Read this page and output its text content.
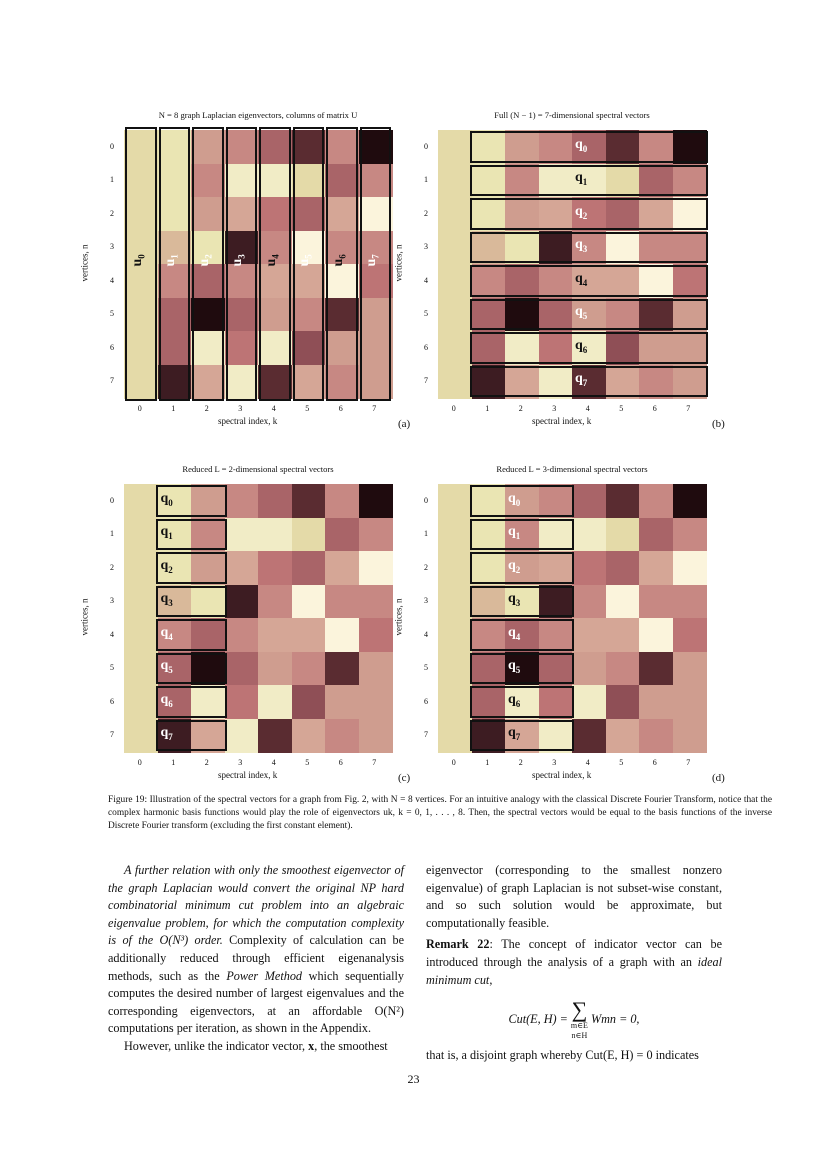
N = 8 graph Laplacian eigenvectors, columns of matrix U
$u_0$
$u_1$
$u_2$
$u_3$
$u_4$
$u_5$
$u_6$
$u_7$
0
0
1
1
2
2
3
3
4
4
5
5
6
6
7
7
spectral index, k
vertices, n
(a)
Full (N − 1) = 7-dimensional spectral vectors
$q_0$
$q_1$
$q_2$
$q_3$
$q_4$
$q_5$
$q_6$
$q_7$
0
0
1
1
2
2
3
3
4
4
5
5
6
6
7
7
spectral index, k
vertices, n
(b)
Reduced L = 2-dimensional spectral vectors
$q_0$
$q_1$
$q_2$
$q_3$
$q_4$
$q_5$
$q_6$
$q_7$
0
0
1
1
2
2
3
3
4
4
5
5
6
6
7
7
spectral index, k
vertices, n
(c)
Reduced L = 3-dimensional spectral vectors
$q_0$
$q_1$
$q_2$
$q_3$
$q_4$
$q_5$
$q_6$
$q_7$
0
0
1
1
2
2
3
3
4
4
5
5
6
6
7
7
spectral index, k
vertices, n
(d)
Figure 19: Illustration of the spectral vectors for a graph from Fig. 2, with N = 8 vertices. For an intuitive analogy with the classical Discrete Fourier Transform, notice that the complex harmonic basis functions would play the role of eigenvectors uk, k = 0, 1, . . . , 8. Then, the spectral vectors would be equal to the basis functions of the inverse Discrete Fourier transform (excluding the first constant element).

A further relation with only the smoothest eigenvector of the graph Laplacian would convert the original NP hard combinatorial minimum cut problem into an algebraic eigenvalue problem, for which the computation complexity is of the O(N³) order. Complexity of calculation can be additionally reduced through efficient eigenanalysis methods, such as the Power Method which sequentially computes the desired number of largest eigenvalues and the corresponding eigenvectors, at an affordable O(N²) computations per iteration, as shown in the Appendix.

However, unlike the indicator vector, x, the smoothest

eigenvector (corresponding to the smallest nonzero eigenvalue) of graph Laplacian is not subset-wise constant, and so such solution would be approximate, but computationally feasible.

Remark 22: The concept of indicator vector can be introduced through the analysis of a graph with an ideal minimum cut,

Cut(E, H) = ∑
m∈E
n∈H
Wmn = 0,

that is, a disjoint graph whereby Cut(E, H) = 0 indicates

23
